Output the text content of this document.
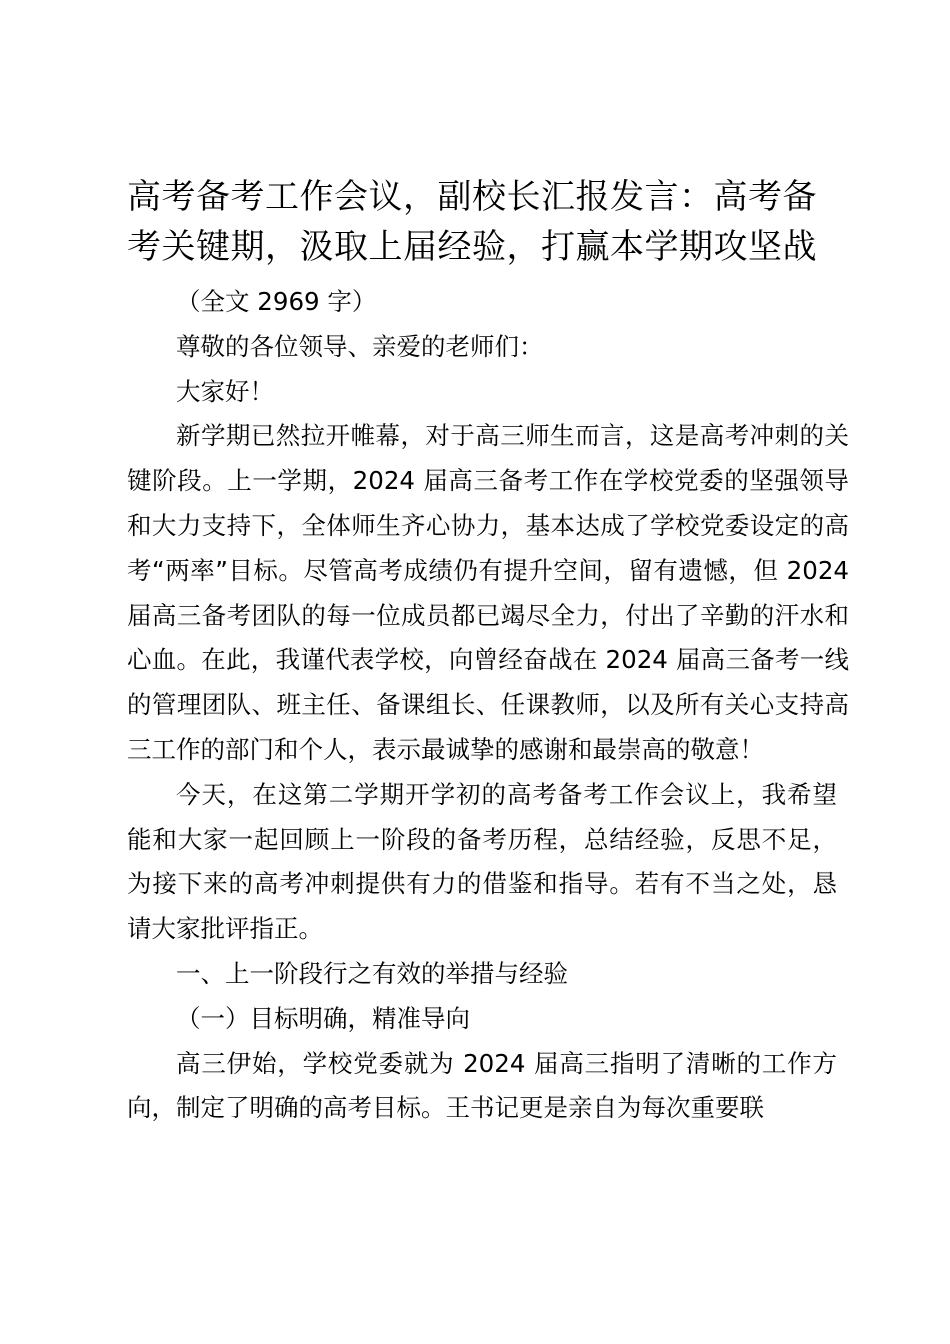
高考备考工作会议，副校长汇报发言：高考备考关键期，汲取上届经验，打赢本学期攻坚战

（全文 2969 字）

尊敬的各位领导、亲爱的老师们：

大家好！

新学期已然拉开帷幕，对于高三师生而言，这是高考冲刺的关键阶段。上一学期，2024 届高三备考工作在学校党委的坚强领导和大力支持下，全体师生齐心协力，基本达成了学校党委设定的高考“两率”目标。尽管高考成绩仍有提升空间，留有遗憾，但 2024 届高三备考团队的每一位成员都已竭尽全力，付出了辛勤的汗水和心血。在此，我谨代表学校，向曾经奋战在 2024 届高三备考一线的管理团队、班主任、备课组长、任课教师，以及所有关心支持高三工作的部门和个人，表示最诚挚的感谢和最崇高的敬意！

今天，在这第二学期开学初的高考备考工作会议上，我希望能和大家一起回顾上一阶段的备考历程，总结经验，反思不足，为接下来的高考冲刺提供有力的借鉴和指导。若有不当之处，恳请大家批评指正。

一、上一阶段行之有效的举措与经验

（一）目标明确，精准导向

高三伊始，学校党委就为 2024 届高三指明了清晰的工作方向，制定了明确的高考目标。王书记更是亲自为每次重要联
